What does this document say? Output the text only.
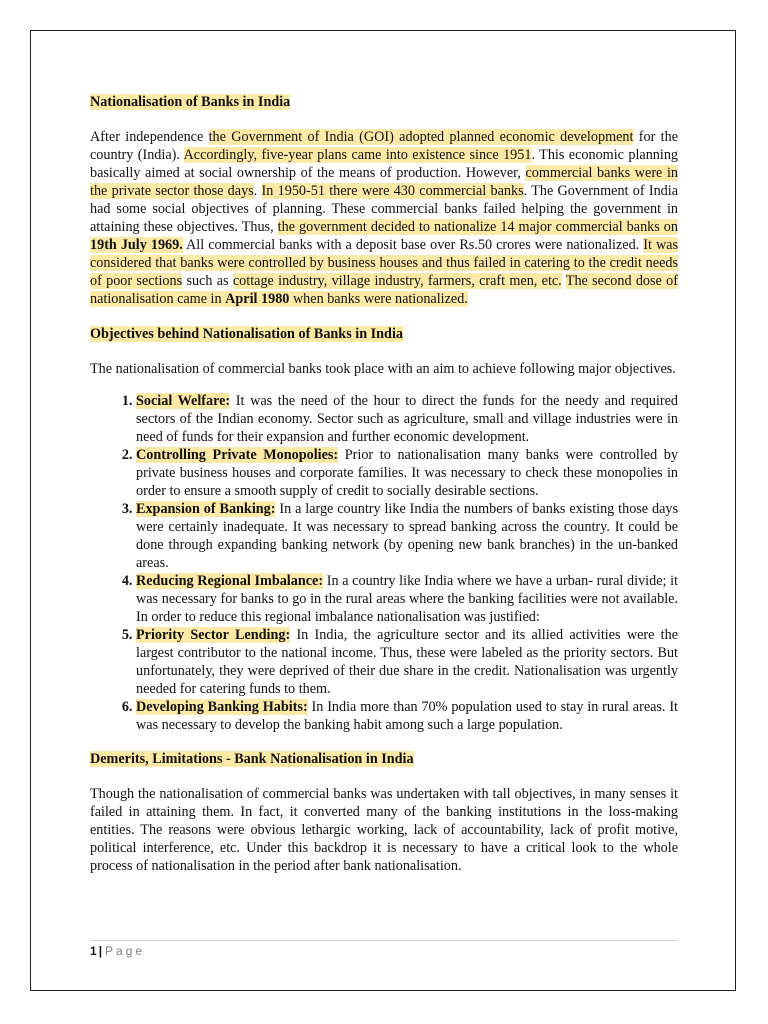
Nationalisation of Banks in India

After independence the Government of India (GOI) adopted planned economic development for the country (India). Accordingly, five-year plans came into existence since 1951. This economic planning basically aimed at social ownership of the means of production. However, commercial banks were in the private sector those days. In 1950-51 there were 430 commercial banks. The Government of India had some social objectives of planning. These commercial banks failed helping the government in attaining these objectives. Thus, the government decided to nationalize 14 major commercial banks on 19th July 1969. All commercial banks with a deposit base over Rs.50 crores were nationalized. It was considered that banks were controlled by business houses and thus failed in catering to the credit needs of poor sections such as cottage industry, village industry, farmers, craft men, etc. The second dose of nationalisation came in April 1980 when banks were nationalized.

Objectives behind Nationalisation of Banks in India

The nationalisation of commercial banks took place with an aim to achieve following major objectives.

1. Social Welfare: It was the need of the hour to direct the funds for the needy and required sectors of the Indian economy. Sector such as agriculture, small and village industries were in need of funds for their expansion and further economic development.
2. Controlling Private Monopolies: Prior to nationalisation many banks were controlled by private business houses and corporate families. It was necessary to check these monopolies in order to ensure a smooth supply of credit to socially desirable sections.
3. Expansion of Banking: In a large country like India the numbers of banks existing those days were certainly inadequate. It was necessary to spread banking across the country. It could be done through expanding banking network (by opening new bank branches) in the un-banked areas.
4. Reducing Regional Imbalance: In a country like India where we have a urban- rural divide; it was necessary for banks to go in the rural areas where the banking facilities were not available. In order to reduce this regional imbalance nationalisation was justified:
5. Priority Sector Lending: In India, the agriculture sector and its allied activities were the largest contributor to the national income. Thus, these were labeled as the priority sectors. But unfortunately, they were deprived of their due share in the credit. Nationalisation was urgently needed for catering funds to them.
6. Developing Banking Habits: In India more than 70% population used to stay in rural areas. It was necessary to develop the banking habit among such a large population.
Demerits, Limitations - Bank Nationalisation in India

Though the nationalisation of commercial banks was undertaken with tall objectives, in many senses it failed in attaining them. In fact, it converted many of the banking institutions in the loss-making entities. The reasons were obvious lethargic working, lack of accountability, lack of profit motive, political interference, etc. Under this backdrop it is necessary to have a critical look to the whole process of nationalisation in the period after bank nationalisation.

1 | Page
